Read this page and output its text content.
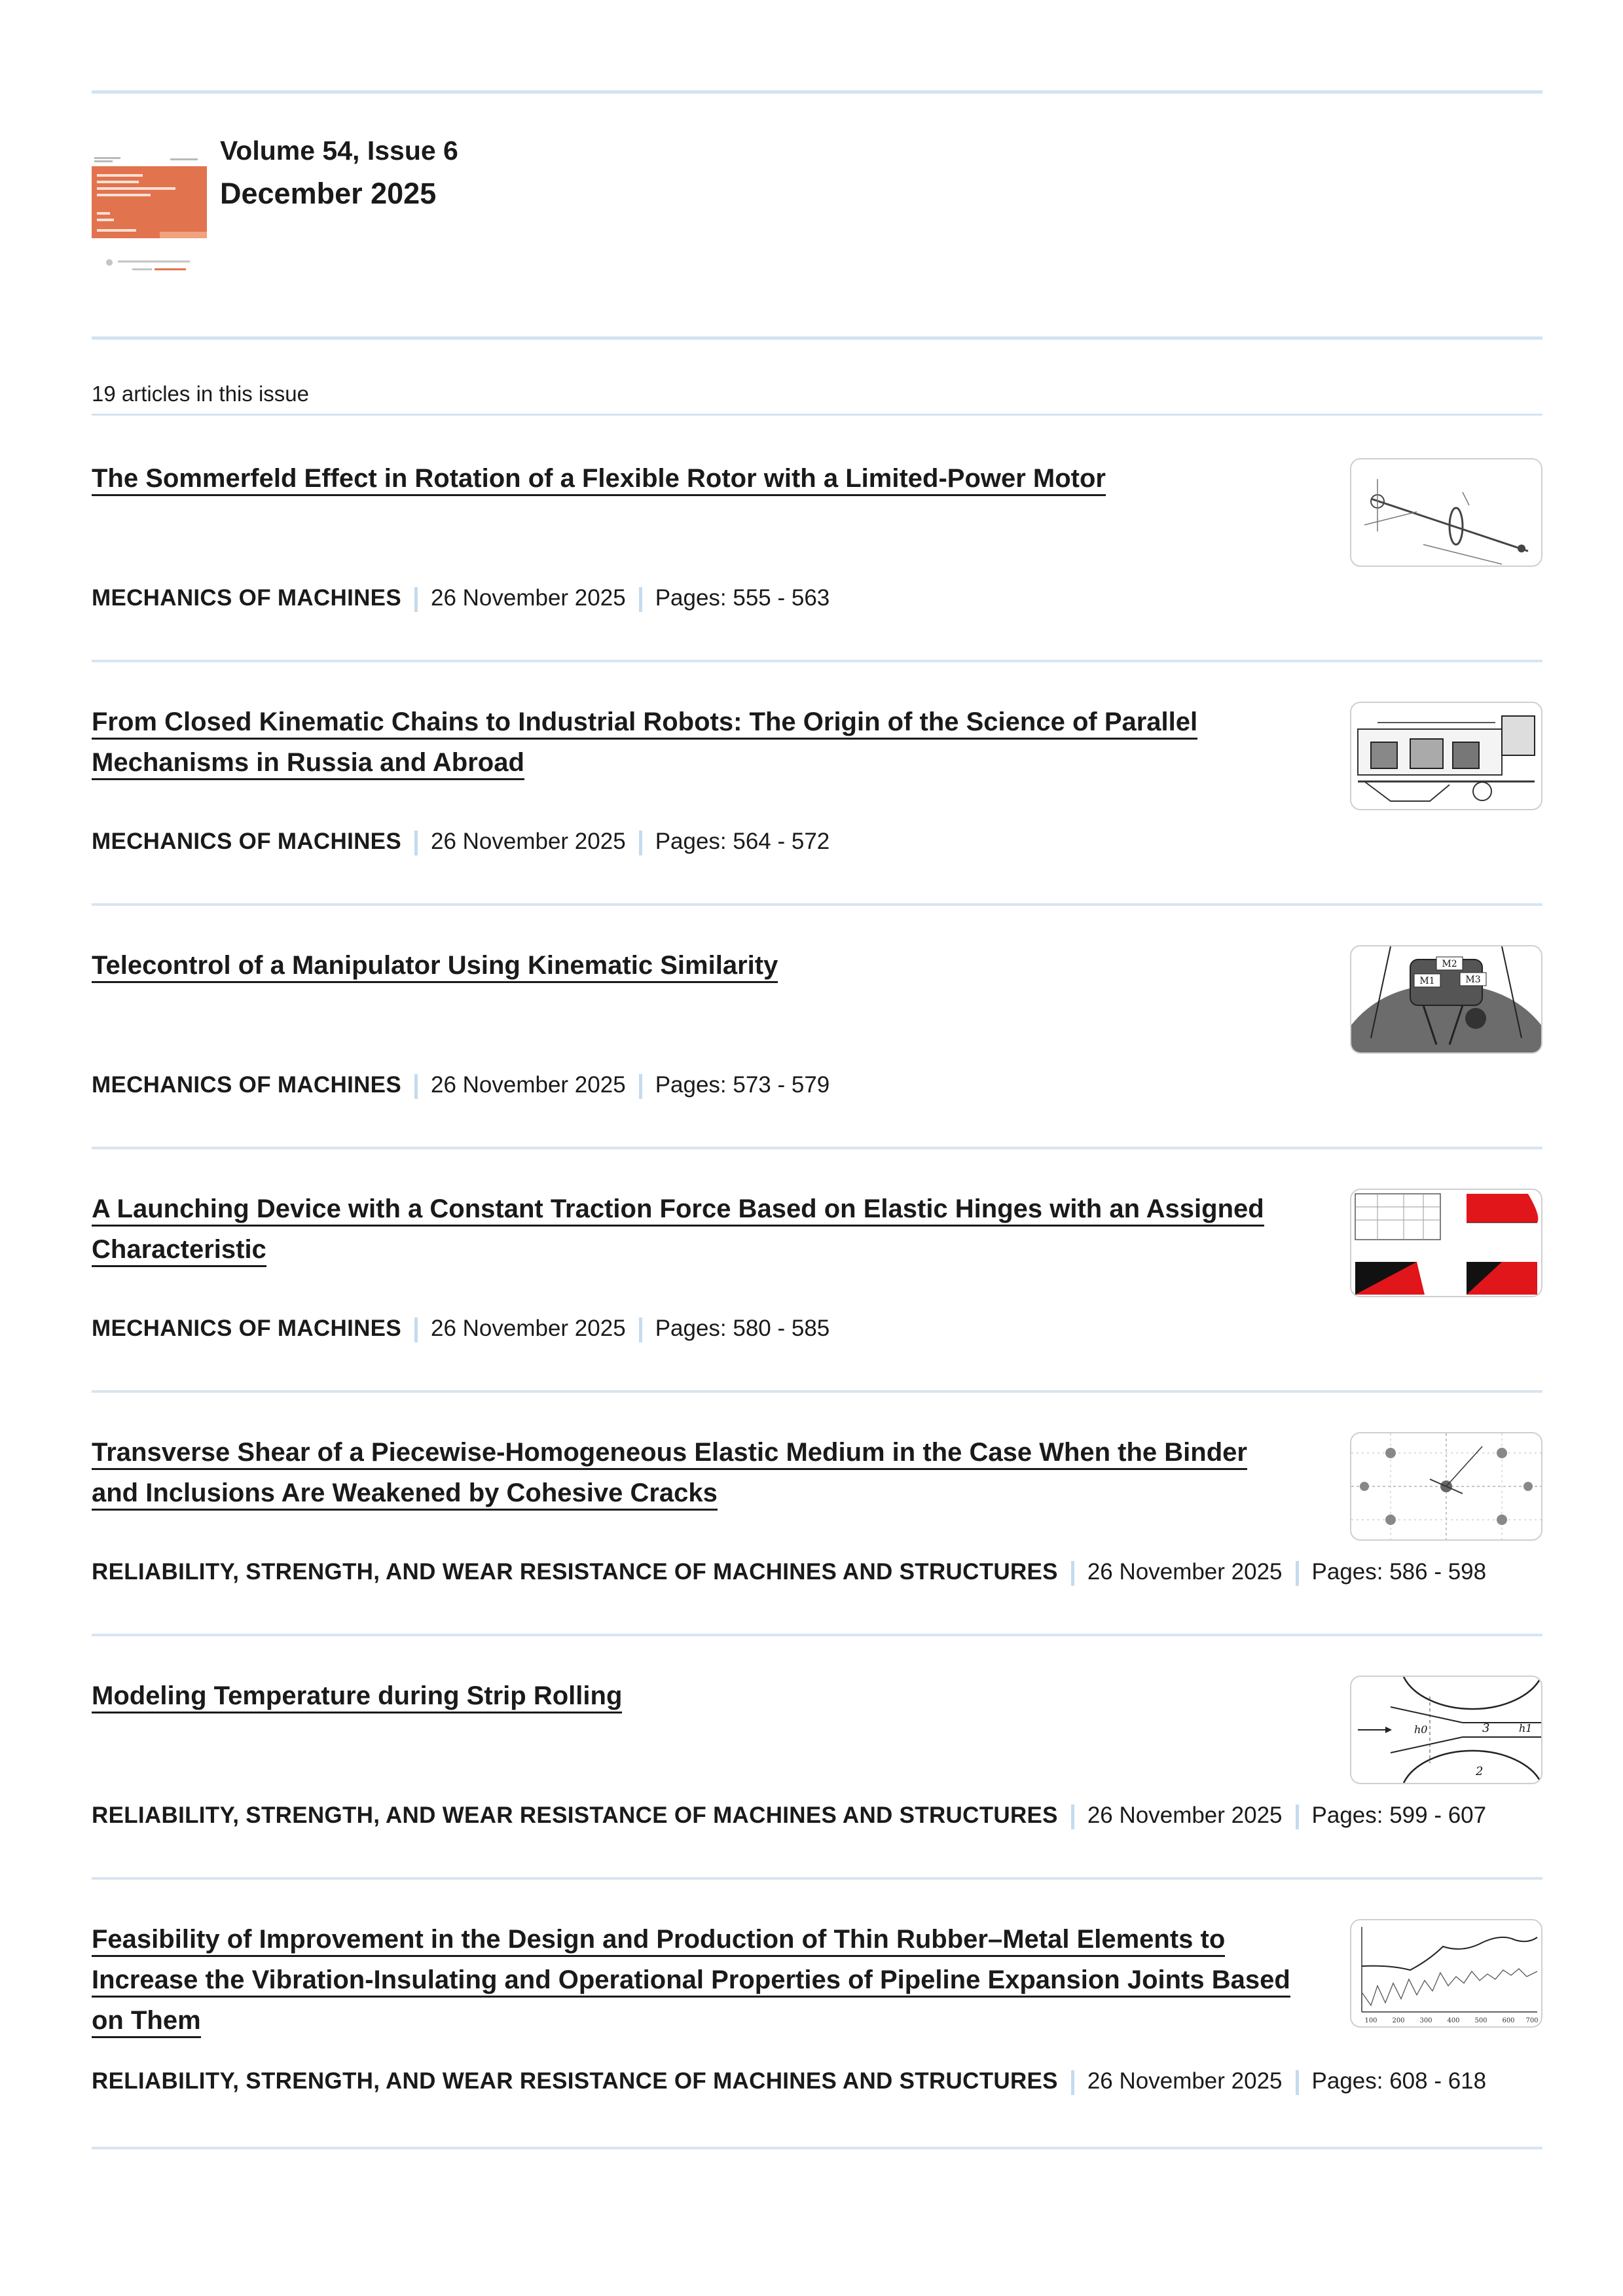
Volume 54, Issue 6

December 2025

19 articles in this issue
The Sommerfeld Effect in Rotation of a Flexible Rotor with a Limited-Power Motor
MECHANICS OF MACHINES 26 November 2025 Pages: 555 - 563
From Closed Kinematic Chains to Industrial Robots: The Origin of the Science of Parallel Mechanisms in Russia and Abroad
MECHANICS OF MACHINES 26 November 2025 Pages: 564 - 572
Telecontrol of a Manipulator Using Kinematic Similarity
MECHANICS OF MACHINES 26 November 2025 Pages: 573 - 579
M1
M2
M3
A Launching Device with a Constant Traction Force Based on Elastic Hinges with an Assigned Characteristic
MECHANICS OF MACHINES 26 November 2025 Pages: 580 - 585
Transverse Shear of a Piecewise-Homogeneous Elastic Medium in the Case When the Binder and Inclusions Are Weakened by Cohesive Cracks
RELIABILITY, STRENGTH, AND WEAR RESISTANCE OF MACHINES AND STRUCTURES 26 November 2025 Pages: 586 - 598
Modeling Temperature during Strip Rolling
RELIABILITY, STRENGTH, AND WEAR RESISTANCE OF MACHINES AND STRUCTURES 26 November 2025 Pages: 599 - 607
h0	h1
3
2
Feasibility of Improvement in the Design and Production of Thin Rubber–Metal Elements to Increase the Vibration-Insulating and Operational Properties of Pipeline Expansion Joints Based on Them
RELIABILITY, STRENGTH, AND WEAR RESISTANCE OF MACHINES AND STRUCTURES 26 November 2025 Pages: 608 - 618
100 200 300 400 500 600 700
